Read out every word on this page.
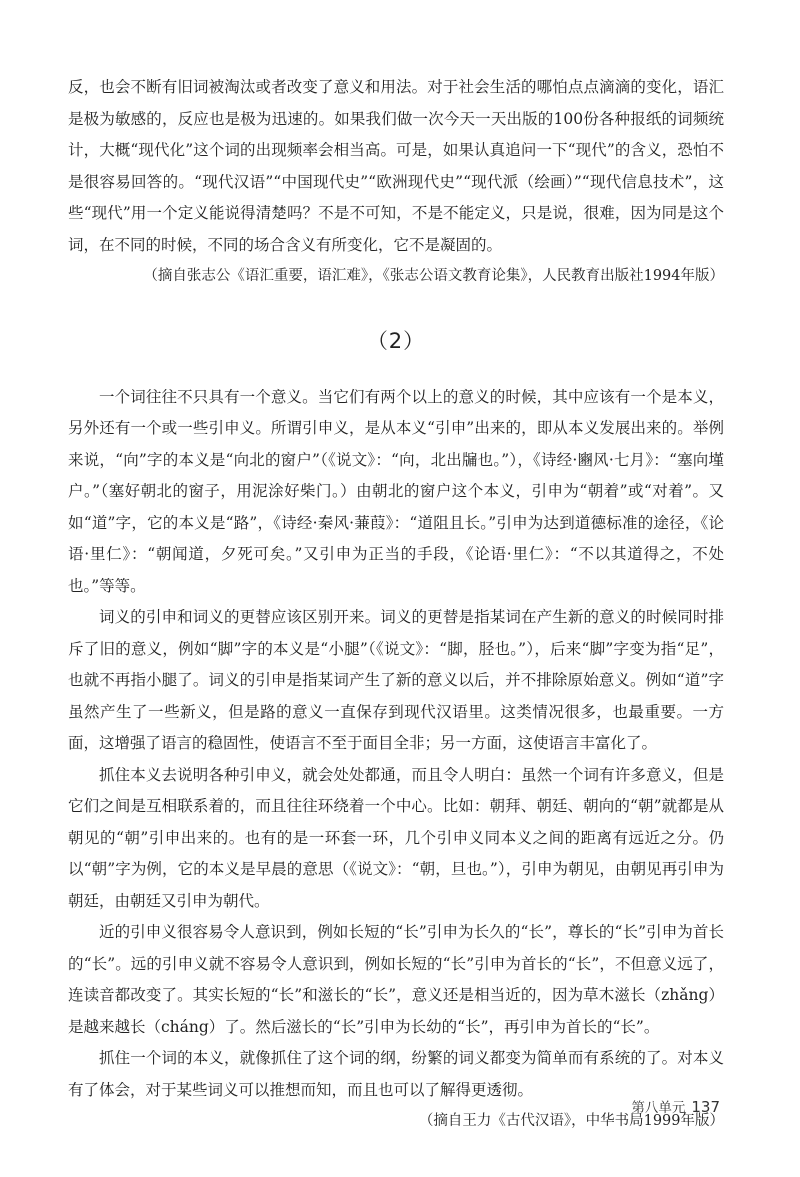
反，也会不断有旧词被淘汰或者改变了意义和用法。对于社会生活的哪怕点点滴滴的变化，语汇是极为敏感的，反应也是极为迅速的。如果我们做一次今天一天出版的100份各种报纸的词频统计，大概“现代化”这个词的出现频率会相当高。可是，如果认真追问一下“现代”的含义，恐怕不是很容易回答的。“现代汉语”“中国现代史”“欧洲现代史”“现代派（绘画）”“现代信息技术”，这些“现代”用一个定义能说得清楚吗？不是不可知，不是不能定义，只是说，很难，因为同是这个词，在不同的时候，不同的场合含义有所变化，它不是凝固的。

（摘自张志公《语汇重要，语汇难》，《张志公语文教育论集》，人民教育出版社1994年版）

（2）

一个词往往不只具有一个意义。当它们有两个以上的意义的时候，其中应该有一个是本义，另外还有一个或一些引申义。所谓引申义，是从本义“引申”出来的，即从本义发展出来的。举例来说，“向”字的本义是“向北的窗户”（《说文》：“向，北出牖也。”），《诗经·豳风·七月》：“塞向墐户。”（塞好朝北的窗子，用泥涂好柴门。）由朝北的窗户这个本义，引申为“朝着”或“对着”。又如“道”字，它的本义是“路”，《诗经·秦风·蒹葭》：“道阻且长。”引申为达到道德标准的途径，《论语·里仁》：“朝闻道，夕死可矣。”又引申为正当的手段，《论语·里仁》：“不以其道得之，不处也。”等等。

词义的引申和词义的更替应该区别开来。词义的更替是指某词在产生新的意义的时候同时排斥了旧的意义，例如“脚”字的本义是“小腿”（《说文》：“脚，胫也。”），后来“脚”字变为指“足”，也就不再指小腿了。词义的引申是指某词产生了新的意义以后，并不排除原始意义。例如“道”字虽然产生了一些新义，但是路的意义一直保存到现代汉语里。这类情况很多，也最重要。一方面，这增强了语言的稳固性，使语言不至于面目全非；另一方面，这使语言丰富化了。

抓住本义去说明各种引申义，就会处处都通，而且令人明白：虽然一个词有许多意义，但是它们之间是互相联系着的，而且往往环绕着一个中心。比如：朝拜、朝廷、朝向的“朝”就都是从朝见的“朝”引申出来的。也有的是一环套一环，几个引申义同本义之间的距离有远近之分。仍以“朝”字为例，它的本义是早晨的意思（《说文》：“朝，旦也。”），引申为朝见，由朝见再引申为朝廷，由朝廷又引申为朝代。

近的引申义很容易令人意识到，例如长短的“长”引申为长久的“长”，尊长的“长”引申为首长的“长”。远的引申义就不容易令人意识到，例如长短的“长”引申为首长的“长”，不但意义远了，连读音都改变了。其实长短的“长”和滋长的“长”，意义还是相当近的，因为草木滋长（zhǎng）是越来越长（cháng）了。然后滋长的“长”引申为长幼的“长”，再引申为首长的“长”。

抓住一个词的本义，就像抓住了这个词的纲，纷繁的词义都变为简单而有系统的了。对本义有了体会，对于某些词义可以推想而知，而且也可以了解得更透彻。

（摘自王力《古代汉语》，中华书局1999年版）

第八单元 137
